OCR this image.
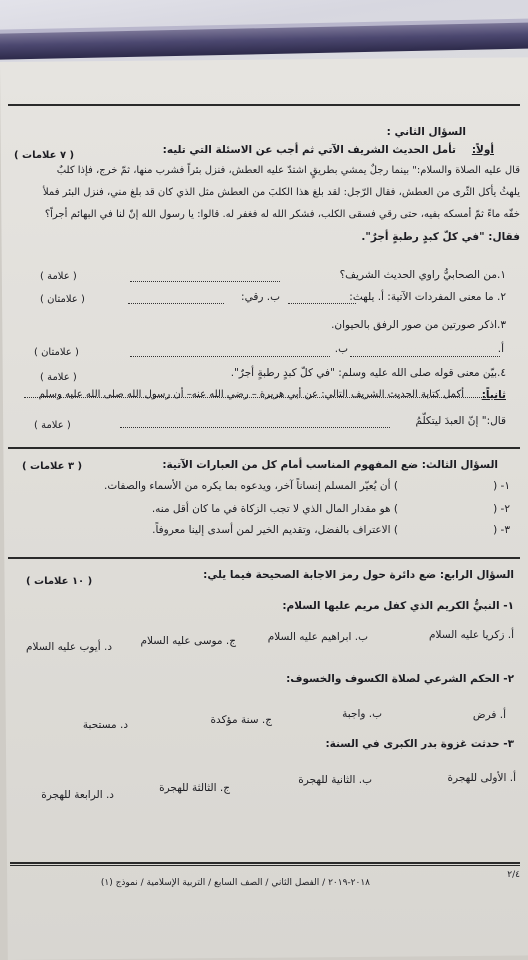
السؤال الثاني :
( ٧ علامات )	أولاً:
تأمل الحديث الشريف الآتي ثم أجب عن الاسئلة التي تليه:
قال عليه الصلاة والسلام:" بينما رجلٌ يمشي بطريقٍ اشتدّ عليه العطش، فنزل بئراً فشرب منها، ثمّ خرج، فإذا كلبٌ
يلهثُ يأكل الثّرى من العطش، فقال الرّجل: لقد بلغ هذا الكلبَ من العطش مثل الذي كان قد بلغ مني، فنزل البئر فملأ
خفّه ماءً ثمّ أمسكه بفيه، حتى رقي فسقى الكلب، فشكر الله له فغفر له. قالوا: يا رسول الله إنّ لنا في البهائم أجراً؟
فقال: "في كلّ كبدٍ رطبةٍ أجرٌ".
١.من الصحابيُّ راوي الحديث الشريف؟
( علامة )
٢. ما معنى المفردات الآتية: أ. يلهث:
ب. رقي:
( علامتان )
٣.اذكر صورتين من صور الرفق بالحيوان.
أ.
ب.
( علامتان )
٤.بيّن معنى قوله صلى الله عليه وسلم: "في كلّ كبدٍ رطبةٍ أجرٌ".
( علامة )
ثانياً:
أكمل كتابة الحديث الشريف التالي: عن أبي هريرة – رضي الله عنه– أن رسول الله صلى الله عليه وسلم
قال:" إنّ العبدَ ليتكلّمُ
( علامة )
السؤال الثالث: ضع المفهوم المناسب أمام كل من العبارات الآتية:
( ٣ علامات )
١- (
) أن يُعيّر المسلم إنساناً آخر، ويدعوه بما يكره من الأسماء والصفات.
٢- (
) هو مقدار المال الذي لا تجب الزكاة في ما كان أقل منه.
٣- (
) الاعتراف بالفضل، وتقديم الخير لمن أسدى إلينا معروفاً.
السؤال الرابع: ضع دائرة حول رمز الاجابة الصحيحة فيما يلي:
( ١٠ علامات )
١- النبيُّ الكريم الذي كفل مريم عليها السلام:
أ. زكريا عليه السلام
ب. ابراهيم عليه السلام
ج. موسى عليه السلام
د. أيوب عليه السلام
٢- الحكم الشرعي لصلاة الكسوف والخسوف:
أ. فرض
ب. واجبة
ج. سنة مؤكدة
د. مستحبة
٣- حدثت غزوة بدر الكبرى في السنة:
أ. الأولى للهجرة
ب. الثانية للهجرة
ج. الثالثة للهجرة
د. الرابعة للهجرة
٢/٤
٢٠١٨-٢٠١٩ / الفصل الثاني / الصف السابع / التربية الإسلامية / نموذج (١)
